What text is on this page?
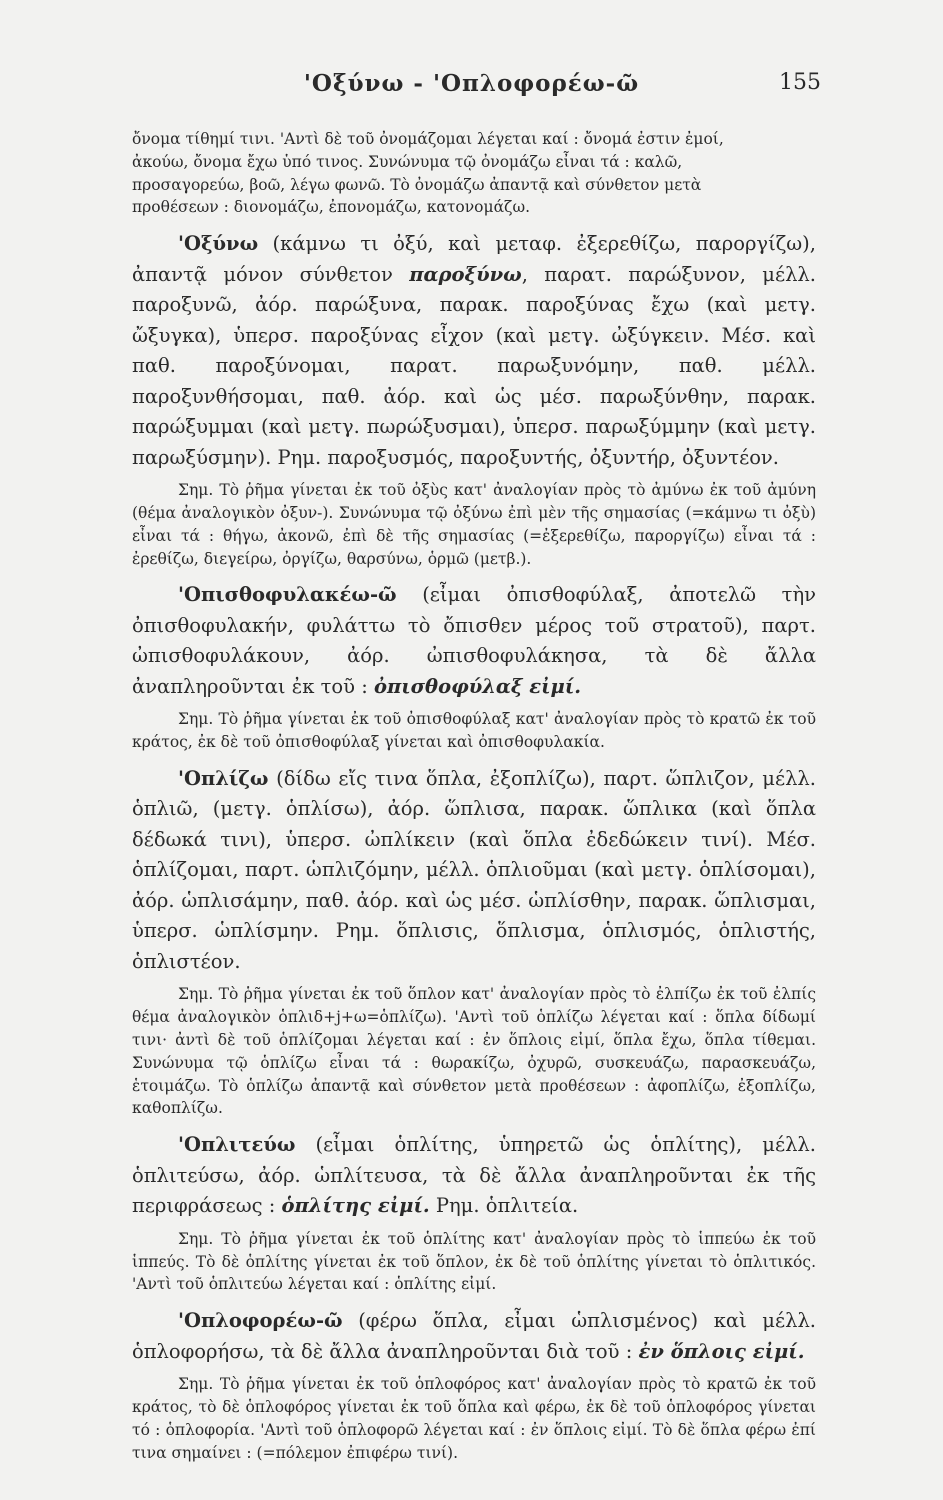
'Οξύνω - 'Οπλοφορέω-ῶ	155
ὄνομα τίθημί τινι. 'Αντὶ δὲ τοῦ ὀνομάζομαι λέγεται καί : ὄνομά ἐστιν ἐμοί,
ἀκούω, ὄνομα ἔχω ὑπό τινος. Συνώνυμα τῷ ὀνομάζω εἶναι τά : καλῶ,
προσαγορεύω, βοῶ, λέγω φωνῶ. Τὸ ὀνομάζω ἀπαντᾷ καὶ σύνθετον μετὰ
προθέσεων : διονομάζω, ἐπονομάζω, κατονομάζω.

'Οξύνω (κάμνω τι ὀξύ, καὶ μεταφ. ἐξερεθίζω, παροργίζω), ἀπαντᾷ μόνον σύνθετον παροξύνω, παρατ. παρώξυνον, μέλλ. παροξυνῶ, ἀόρ. παρώξυνα, παρακ. παροξύνας ἔχω (καὶ μετγ. ὤξυγκα), ὑπερσ. παροξύνας εἶχον (καὶ μετγ. ὠξύγκειν. Μέσ. καὶ παθ. παροξύνομαι, παρατ. παρωξυνόμην, παθ. μέλλ. παροξυνθήσομαι, παθ. ἀόρ. καὶ ὡς μέσ. παρωξύνθην, παρακ. παρώξυμμαι (καὶ μετγ. πωρώξυσμαι), ὑπερσ. παρωξύμμην (καὶ μετγ. παρωξύσμην). Ρημ. παροξυσμός, παροξυντής, ὀξυντήρ, ὀξυντέον.

Σημ. Τὸ ῥῆμα γίνεται ἐκ τοῦ ὀξὺς κατ' ἀναλογίαν πρὸς τὸ ἀμύνω ἐκ τοῦ ἀμύνη (θέμα ἀναλογικὸν ὀξυν-). Συνώνυμα τῷ ὀξύνω ἐπὶ μὲν τῆς σημασίας (=κάμνω τι ὀξὺ) εἶναι τά : θήγω, ἀκονῶ, ἐπὶ δὲ τῆς σημασίας (=ἐξερεθίζω, παροργίζω) εἶναι τά : ἐρεθίζω, διεγείρω, ὀργίζω, θαρσύνω, ὁρμῶ (μετβ.).

'Οπισθοφυλακέω-ῶ (εἶμαι ὀπισθοφύλαξ, ἀποτελῶ τὴν ὀπισθοφυλακήν, φυλάττω τὸ ὄπισθεν μέρος τοῦ στρατοῦ), παρτ. ὠπισθοφυλάκουν, ἀόρ. ὠπισθοφυλάκησα, τὰ δὲ ἄλλα ἀναπληροῦνται ἐκ τοῦ : ὀπισθοφύλαξ εἰμί.

Σημ. Τὸ ῥῆμα γίνεται ἐκ τοῦ ὀπισθοφύλαξ κατ' ἀναλογίαν πρὸς τὸ κρατῶ ἐκ τοῦ κράτος, ἐκ δὲ τοῦ ὀπισθοφύλαξ γίνεται καὶ ὀπισθοφυλακία.

'Οπλίζω (δίδω εἴς τινα ὅπλα, ἐξοπλίζω), παρτ. ὥπλιζον, μέλλ. ὁπλιῶ, (μετγ. ὁπλίσω), ἀόρ. ὥπλισα, παρακ. ὥπλικα (καὶ ὅπλα δέδωκά τινι), ὑπερσ. ὠπλίκειν (καὶ ὅπλα ἐδεδώκειν τινί). Μέσ. ὁπλίζομαι, παρτ. ὡπλιζόμην, μέλλ. ὁπλιοῦμαι (καὶ μετγ. ὁπλίσομαι), ἀόρ. ὡπλισάμην, παθ. ἀόρ. καὶ ὡς μέσ. ὡπλίσθην, παρακ. ὥπλισμαι, ὑπερσ. ὡπλίσμην. Ρημ. ὅπλισις, ὅπλισμα, ὁπλισμός, ὁπλιστής, ὁπλιστέον.

Σημ. Τὸ ῥῆμα γίνεται ἐκ τοῦ ὅπλον κατ' ἀναλογίαν πρὸς τὸ ἐλπίζω ἐκ τοῦ ἐλπίς θέμα ἀναλογικὸν ὁπλιδ+j+ω=ὁπλίζω). 'Αντὶ τοῦ ὁπλίζω λέγεται καί : ὅπλα δίδωμί τινι· ἀντὶ δὲ τοῦ ὁπλίζομαι λέγεται καί : ἐν ὅπλοις εἰμί, ὅπλα ἔχω, ὅπλα τίθεμαι. Συνώνυμα τῷ ὁπλίζω εἶναι τά : θωρακίζω, ὀχυρῶ, συσκευάζω, παρασκευάζω, ἑτοιμάζω. Τὸ ὁπλίζω ἀπαντᾷ καὶ σύνθετον μετὰ προθέσεων : ἀφοπλίζω, ἐξοπλίζω, καθοπλίζω.

'Οπλιτεύω (εἶμαι ὁπλίτης, ὑπηρετῶ ὡς ὁπλίτης), μέλλ. ὁπλιτεύσω, ἀόρ. ὡπλίτευσα, τὰ δὲ ἄλλα ἀναπληροῦνται ἐκ τῆς περιφράσεως : ὁπλίτης εἰμί. Ρημ. ὁπλιτεία.

Σημ. Τὸ ῥῆμα γίνεται ἐκ τοῦ ὁπλίτης κατ' ἀναλογίαν πρὸς τὸ ἱππεύω ἐκ τοῦ ἱππεύς. Τὸ δὲ ὁπλίτης γίνεται ἐκ τοῦ ὅπλον, ἐκ δὲ τοῦ ὁπλίτης γίνεται τὸ ὁπλιτικός. 'Αντὶ τοῦ ὁπλιτεύω λέγεται καί : ὁπλίτης εἰμί.

'Οπλοφορέω-ῶ (φέρω ὅπλα, εἶμαι ὡπλισμένος) καὶ μέλλ. ὁπλοφορήσω, τὰ δὲ ἄλλα ἀναπληροῦνται διὰ τοῦ : ἐν ὅπλοις εἰμί.

Σημ. Τὸ ῥῆμα γίνεται ἐκ τοῦ ὁπλοφόρος κατ' ἀναλογίαν πρὸς τὸ κρατῶ ἐκ τοῦ κράτος, τὸ δὲ ὁπλοφόρος γίνεται ἐκ τοῦ ὅπλα καὶ φέρω, ἐκ δὲ τοῦ ὁπλοφόρος γίνεται τό : ὁπλοφορία. 'Αντὶ τοῦ ὁπλοφορῶ λέγεται καί : ἐν ὅπλοις εἰμί. Τὸ δὲ ὅπλα φέρω ἐπί τινα σημαίνει : (=πόλεμον ἐπιφέρω τινί).
